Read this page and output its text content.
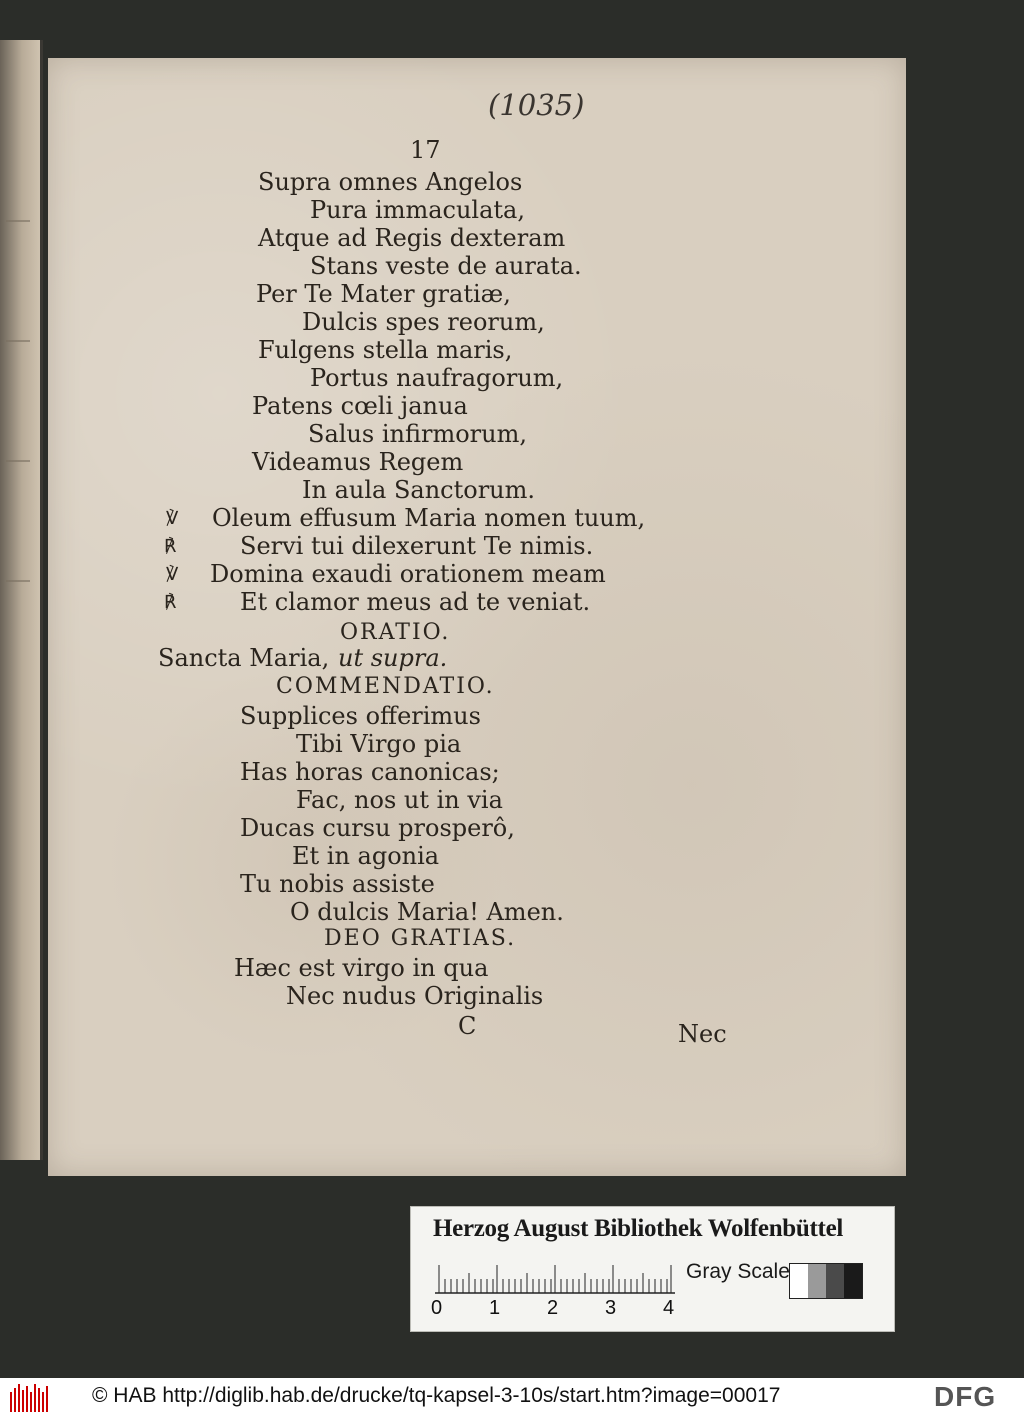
(1035)
17
Supra omnes Angelos
Pura immaculata,
Atque ad Regis dexteram
Stans veste de aurata.
Per Te Mater gratiæ,
Dulcis spes reorum,
Fulgens stella maris,
Portus naufragorum,
Patens cœli janua
Salus infirmorum,
Videamus Regem
In aula Sanctorum.
℣ Oleum effusum Maria nomen tuum,
℟	Servi tui dilexerunt Te nimis.
℣ Domina exaudi orationem meam
℟	Et clamor meus ad te veniat.
ORATIO.
Sancta Maria, ut supra.
COMMENDATIO.
Supplices offerimus
Tibi Virgo pia
Has horas canonicas;
Fac, nos ut in via
Ducas cursu prosperô,
Et in agonia
Tu nobis assiste
O dulcis Maria! Amen.
DEO GRATIAS.
Hæc est virgo in qua
Nec nudus Originalis
C	Nec
Herzog August Bibliothek Wolfenbüttel
0 1 2 3 4
Gray Scale
© HAB http://diglib.hab.de/drucke/tq-kapsel-3-10s/start.htm?image=00017	DFG
